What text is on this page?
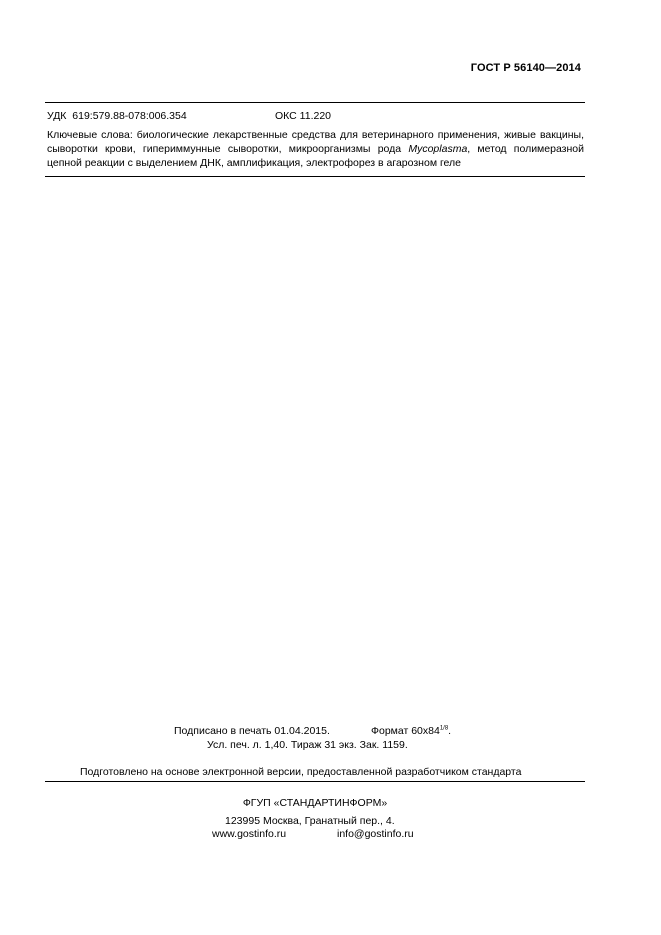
ГОСТ Р 56140—2014
УДК  619:579.88-078:006.354	ОКС 11.220
Ключевые слова: биологические лекарственные средства для ветеринарного применения, живые вакцины, сыворотки крови, гипериммунные сыворотки, микроорганизмы рода Mycoplasma, метод полимеразной цепной реакции с выделением ДНК, амплификация, электрофорез в агарозном геле
Подписано в печать 01.04.2015.	Формат $60x84^{1/8}$.
Усл. печ. л. 1,40. Тираж 31 экз. Зак. 1159.
Подготовлено на основе электронной версии, предоставленной разработчиком стандарта
ФГУП «СТАНДАРТИНФОРМ»
123995 Москва, Гранатный пер., 4.
www.gostinfo.ru	info@gostinfo.ru
